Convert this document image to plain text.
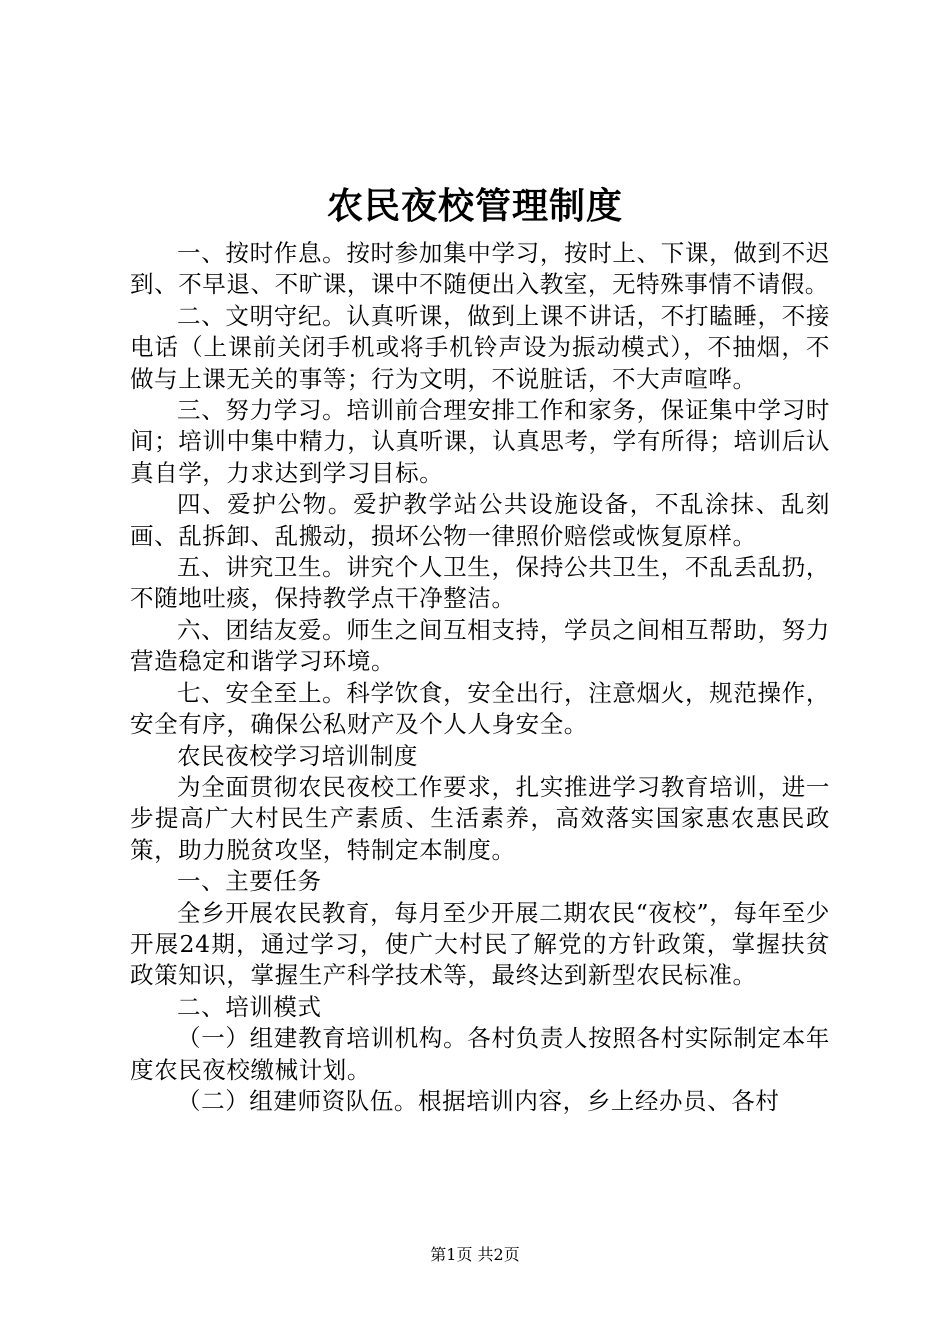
农民夜校管理制度

一、按时作息。按时参加集中学习，按时上、下课，做到不迟到、不早退、不旷课，课中不随便出入教室，无特殊事情不请假。

二、文明守纪。认真听课，做到上课不讲话，不打瞌睡，不接电话（上课前关闭手机或将手机铃声设为振动模式），不抽烟，不做与上课无关的事等；行为文明，不说脏话，不大声喧哗。

三、努力学习。培训前合理安排工作和家务，保证集中学习时间；培训中集中精力，认真听课，认真思考，学有所得；培训后认真自学，力求达到学习目标。

四、爱护公物。爱护教学站公共设施设备，不乱涂抹、乱刻画、乱拆卸、乱搬动，损坏公物一律照价赔偿或恢复原样。

五、讲究卫生。讲究个人卫生，保持公共卫生，不乱丢乱扔，不随地吐痰，保持教学点干净整洁。

六、团结友爱。师生之间互相支持，学员之间相互帮助，努力营造稳定和谐学习环境。

七、安全至上。科学饮食，安全出行，注意烟火，规范操作，安全有序，确保公私财产及个人人身安全。

农民夜校学习培训制度

为全面贯彻农民夜校工作要求，扎实推进学习教育培训，进一步提高广大村民生产素质、生活素养，高效落实国家惠农惠民政策，助力脱贫攻坚，特制定本制度。

一、主要任务

全乡开展农民教育，每月至少开展二期农民“夜校”，每年至少开展24期，通过学习，使广大村民了解党的方针政策，掌握扶贫政策知识，掌握生产科学技术等，最终达到新型农民标准。

二、培训模式

（一）组建教育培训机构。各村负责人按照各村实际制定本年度农民夜校缴械计划。

（二）组建师资队伍。根据培训内容，乡上经办员、各村

第1页 共2页
